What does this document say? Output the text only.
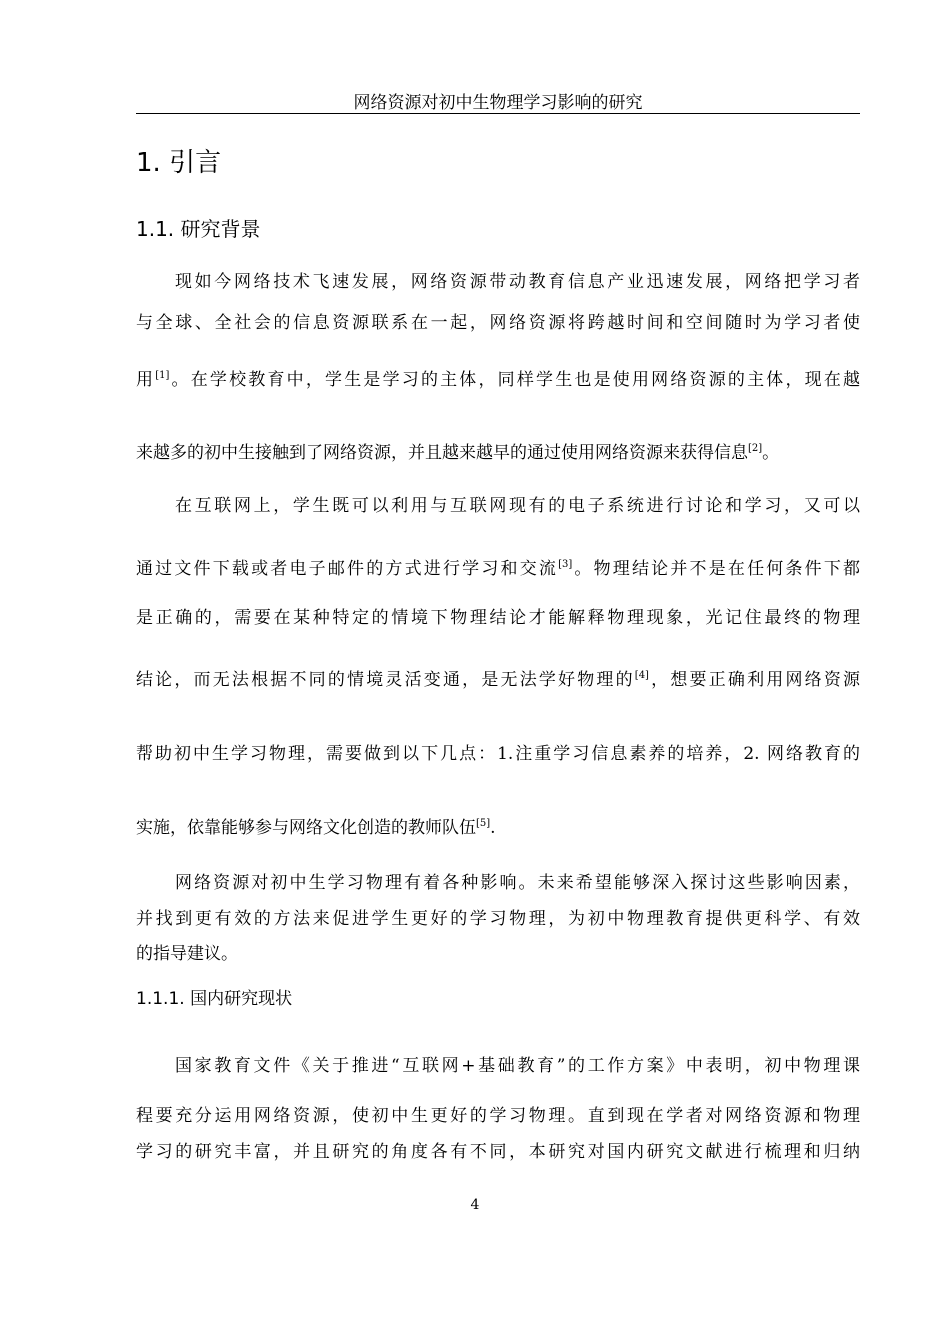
网络资源对初中生物理学习影响的研究
1. 引言
1.1. 研究背景
现如今网络技术飞速发展，网络资源带动教育信息产业迅速发展，网络把学习者
与全球、全社会的信息资源联系在一起，网络资源将跨越时间和空间随时为学习者使
用[1]。在学校教育中，学生是学习的主体，同样学生也是使用网络资源的主体，现在越
来越多的初中生接触到了网络资源，并且越来越早的通过使用网络资源来获得信息[2]。
在互联网上，学生既可以利用与互联网现有的电子系统进行讨论和学习，又可以
通过文件下载或者电子邮件的方式进行学习和交流[3]。物理结论并不是在任何条件下都
是正确的，需要在某种特定的情境下物理结论才能解释物理现象，光记住最终的物理
结论，而无法根据不同的情境灵活变通，是无法学好物理的[4]，想要正确利用网络资源
帮助初中生学习物理，需要做到以下几点：1.注重学习信息素养的培养，2. 网络教育的
实施，依靠能够参与网络文化创造的教师队伍[5].
网络资源对初中生学习物理有着各种影响。未来希望能够深入探讨这些影响因素，
并找到更有效的方法来促进学生更好的学习物理，为初中物理教育提供更科学、有效
的指导建议。
1.1.1. 国内研究现状
国家教育文件《关于推进“互联网+基础教育”的工作方案》中表明，初中物理课
程要充分运用网络资源，使初中生更好的学习物理。直到现在学者对网络资源和物理
学习的研究丰富，并且研究的角度各有不同，本研究对国内研究文献进行梳理和归纳
4
